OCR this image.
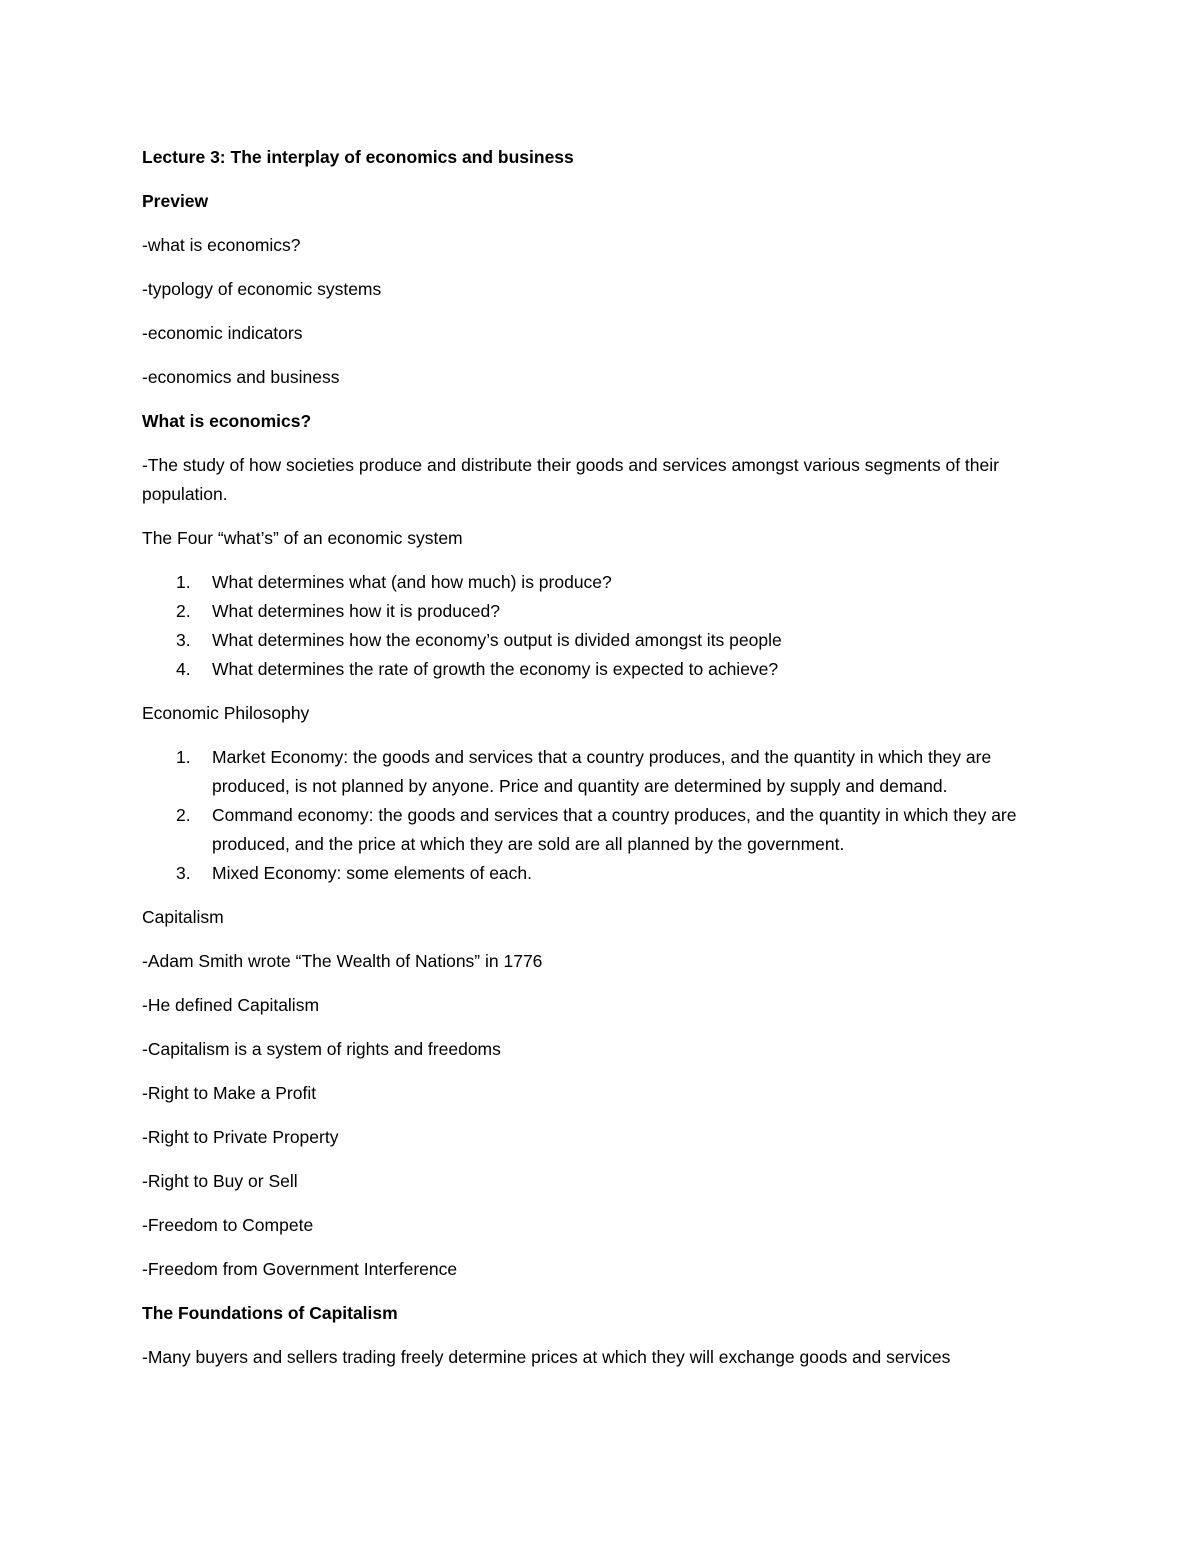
Lecture 3: The interplay of economics and business

Preview

-what is economics?

-typology of economic systems

-economic indicators

-economics and business

What is economics?

-The study of how societies produce and distribute their goods and services amongst various segments of their population.

The Four “what’s” of an economic system

1. What determines what (and how much) is produce?
2. What determines how it is produced?
3. What determines how the economy’s output is divided amongst its people
4. What determines the rate of growth the economy is expected to achieve?

Economic Philosophy

1. Market Economy: the goods and services that a country produces, and the quantity in which they are produced, is not planned by anyone. Price and quantity are determined by supply and demand.
2. Command economy: the goods and services that a country produces, and the quantity in which they are produced, and the price at which they are sold are all planned by the government.
3. Mixed Economy: some elements of each.

Capitalism

-Adam Smith wrote “The Wealth of Nations” in 1776

-He defined Capitalism

-Capitalism is a system of rights and freedoms

-Right to Make a Profit

-Right to Private Property

-Right to Buy or Sell

-Freedom to Compete

-Freedom from Government Interference

The Foundations of Capitalism

-Many buyers and sellers trading freely determine prices at which they will exchange goods and services
